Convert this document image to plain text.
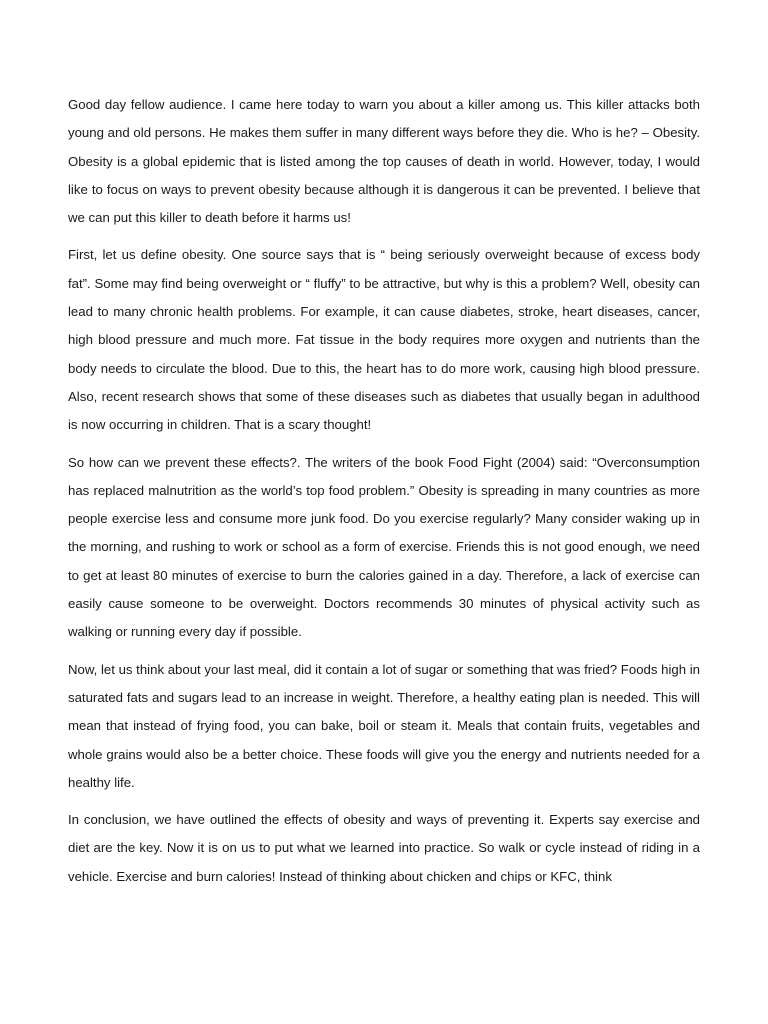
Good day fellow audience. I came here today to warn you about a killer among us. This killer attacks both young and old persons. He makes them suffer in many different ways before they die. Who is he? – Obesity. Obesity is a global epidemic that is listed among the top causes of death in world. However, today, I would like to focus on ways to prevent obesity because although it is dangerous it can be prevented. I believe that we can put this killer to death before it harms us!

First, let us define obesity. One source says that is “ being seriously overweight because of excess body fat”. Some may find being overweight or “ fluffy” to be attractive, but why is this a problem? Well, obesity can lead to many chronic health problems. For example, it can cause diabetes, stroke, heart diseases, cancer, high blood pressure and much more. Fat tissue in the body requires more oxygen and nutrients than the body needs to circulate the blood. Due to this, the heart has to do more work, causing high blood pressure. Also, recent research shows that some of these diseases such as diabetes that usually began in adulthood is now occurring in children. That is a scary thought!

So how can we prevent these effects?. The writers of the book Food Fight (2004) said: “Overconsumption has replaced malnutrition as the world’s top food problem.” Obesity is spreading in many countries as more people exercise less and consume more junk food. Do you exercise regularly? Many consider waking up in the morning, and rushing to work or school as a form of exercise. Friends this is not good enough, we need to get at least 80 minutes of exercise to burn the calories gained in a day. Therefore, a lack of exercise can easily cause someone to be overweight. Doctors recommends 30 minutes of physical activity such as walking or running every day if possible.

Now, let us think about your last meal, did it contain a lot of sugar or something that was fried? Foods high in saturated fats and sugars lead to an increase in weight. Therefore, a healthy eating plan is needed. This will mean that instead of frying food, you can bake, boil or steam it. Meals that contain fruits, vegetables and whole grains would also be a better choice. These foods will give you the energy and nutrients needed for a healthy life.

In conclusion, we have outlined the effects of obesity and ways of preventing it. Experts say exercise and diet are the key. Now it is on us to put what we learned into practice. So walk or cycle instead of riding in a vehicle. Exercise and burn calories! Instead of thinking about chicken and chips or KFC, think
